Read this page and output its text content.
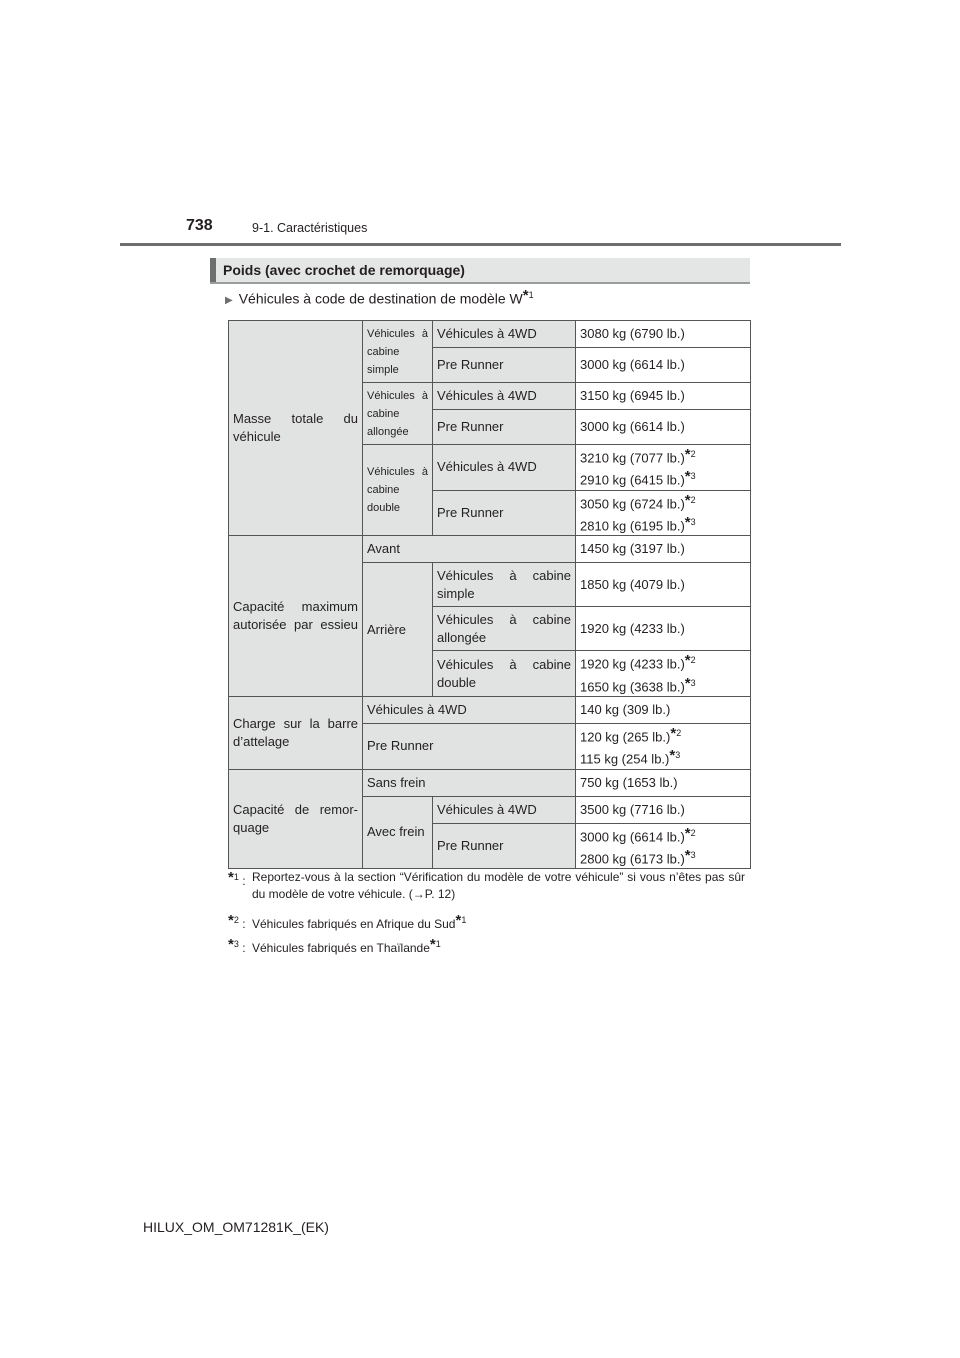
738	9-1. Caractéristiques
Poids (avec crochet de remorquage)
▶ Véhicules à code de destination de modèle $W^{*1}$
Masse totale du véhicule	Véhicules à cabine simple	Véhicules à 4WD	3080 kg (6790 lb.)
		Pre Runner	3000 kg (6614 lb.)
	Véhicules à cabine allongée	Véhicules à 4WD	3150 kg (6945 lb.)
		Pre Runner	3000 kg (6614 lb.)
	Véhicules à cabine double	Véhicules à 4WD	3210 kg (7077 lb.)$^{*2}$
2910 kg (6415 lb.)$^{*3}$
		Pre Runner	3050 kg (6724 lb.)$^{*2}$
2810 kg (6195 lb.)$^{*3}$
Capacité maximum autorisée par essieu	Avant		1450 kg (3197 lb.)
	Arrière	Véhicules à cabine simple	1850 kg (4079 lb.)
		Véhicules à cabine allongée	1920 kg (4233 lb.)
		Véhicules à cabine double	1920 kg (4233 lb.)$^{*2}$
1650 kg (3638 lb.)$^{*3}$
Charge sur la barre d’attelage	Véhicules à 4WD		140 kg (309 lb.)
	Pre Runner		120 kg (265 lb.)$^{*2}$
115 kg (254 lb.)$^{*3}$
Capacité de remor-quage	Sans frein		750 kg (1653 lb.)
	Avec frein	Véhicules à 4WD	3500 kg (7716 lb.)
		Pre Runner	3000 kg (6614 lb.)$^{*2}$
2800 kg (6173 lb.)$^{*3}$
$^{*1}$ : Reportez-vous à la section “Vérification du modèle de votre véhicule” si vous n’êtes pas sûr du modèle de votre véhicule. (→P. 12)
$^{*2}$ : Véhicules fabriqués en Afrique du Sud$^{*1}$
$^{*3}$ : Véhicules fabriqués en Thaïlande$^{*1}$
HILUX_OM_OM71281K_(EK)
